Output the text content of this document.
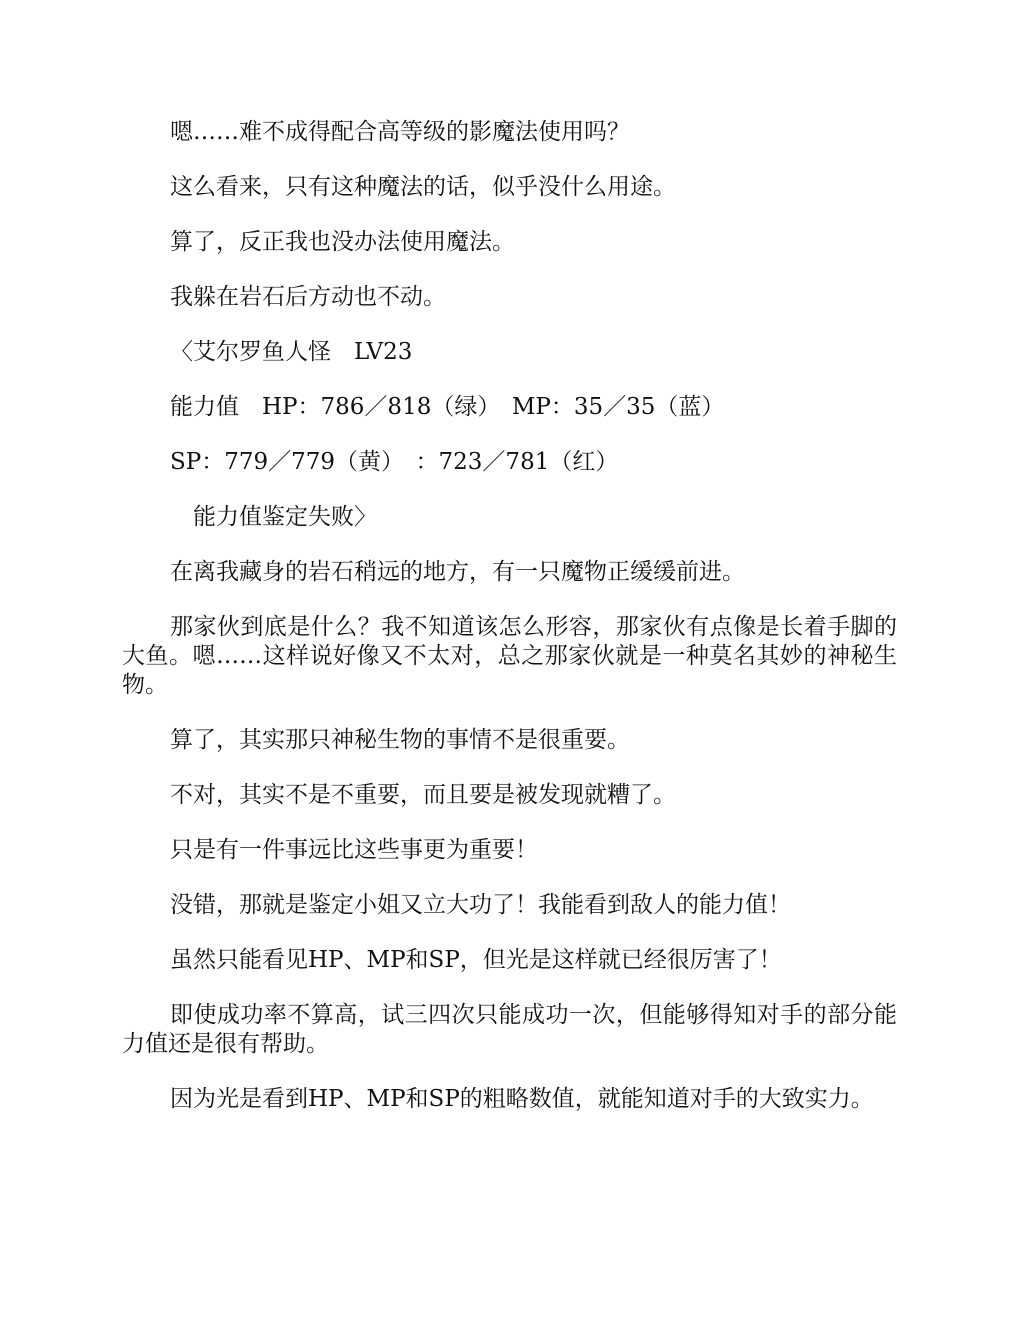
嗯……难不成得配合高等级的影魔法使用吗？

这么看来，只有这种魔法的话，似乎没什么用途。

算了，反正我也没办法使用魔法。

我躲在岩石后方动也不动。

〈艾尔罗鱼人怪　LV23

能力值　HP：786／818（绿）　MP：35／35（蓝）

SP：779／779（黄）　：723／781（红）

　能力值鉴定失败〉

在离我藏身的岩石稍远的地方，有一只魔物正缓缓前进。

那家伙到底是什么？我不知道该怎么形容，那家伙有点像是长着手脚的大鱼。嗯……这样说好像又不太对，总之那家伙就是一种莫名其妙的神秘生物。

算了，其实那只神秘生物的事情不是很重要。

不对，其实不是不重要，而且要是被发现就糟了。

只是有一件事远比这些事更为重要！

没错，那就是鉴定小姐又立大功了！我能看到敌人的能力值！

虽然只能看见HP、MP和SP，但光是这样就已经很厉害了！

即使成功率不算高，试三四次只能成功一次，但能够得知对手的部分能力值还是很有帮助。

因为光是看到HP、MP和SP的粗略数值，就能知道对手的大致实力。
